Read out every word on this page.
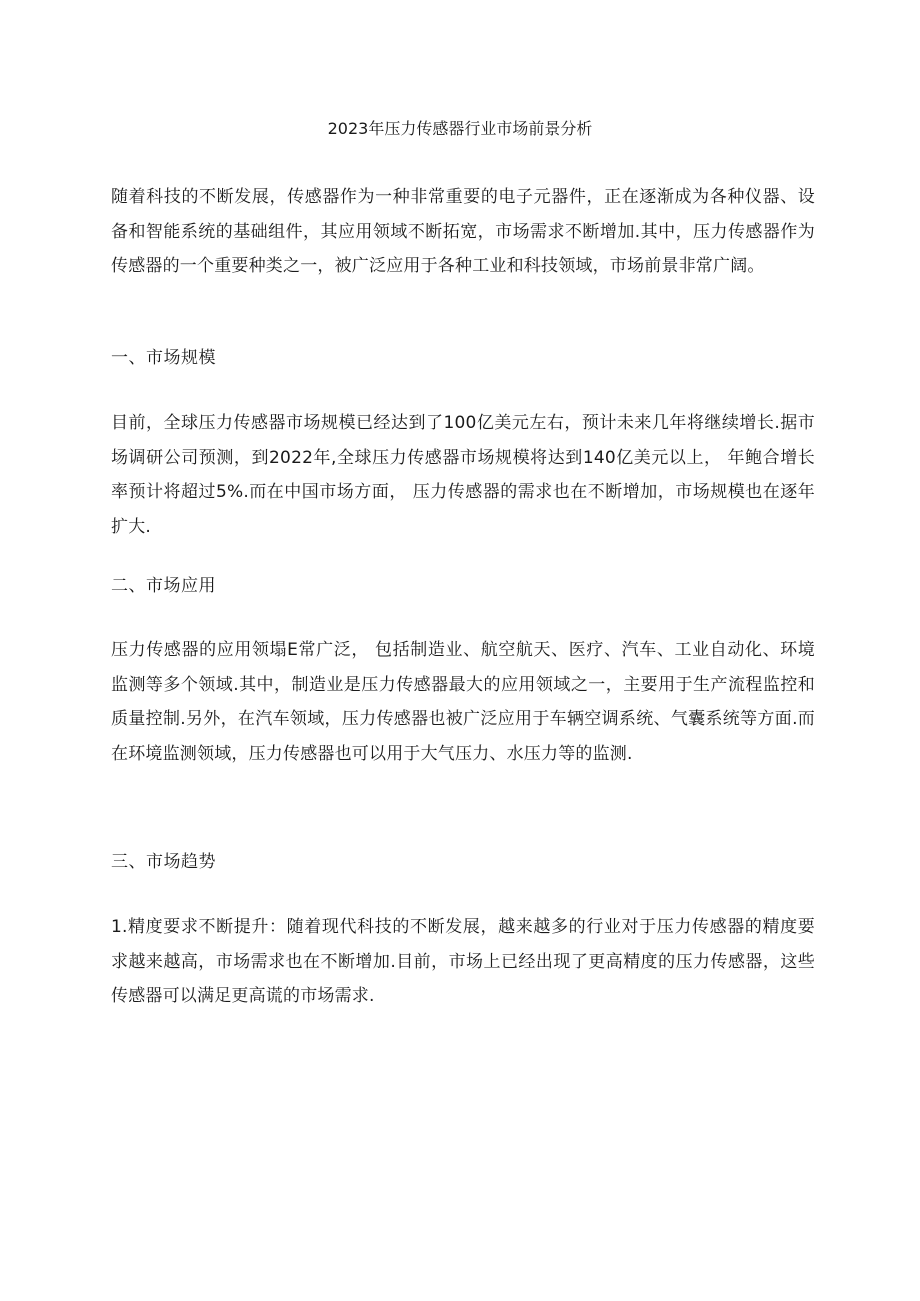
2023年压力传感器行业市场前景分析

随着科技的不断发展，传感器作为一种非常重要的电子元器件，正在逐渐成为各种仪器、设备和智能系统的基础组件，其应用领域不断拓宽，市场需求不断增加.其中，压力传感器作为传感器的一个重要种类之一，被广泛应用于各种工业和科技领域，市场前景非常广阔。

一、市场规模

目前，全球压力传感器市场规模已经达到了100亿美元左右，预计未来几年将继续增长.据市场调研公司预测，到2022年,全球压力传感器市场规模将达到140亿美元以上， 年鲍合增长率预计将超过5%.而在中国市场方面， 压力传感器的需求也在不断增加，市场规模也在逐年扩大.

二、市场应用

压力传感器的应用领塌E常广泛， 包括制造业、航空航天、医疗、汽车、工业自动化、环境监测等多个领域.其中，制造业是压力传感器最大的应用领域之一，主要用于生产流程监控和质量控制.另外，在汽车领域，压力传感器也被广泛应用于车辆空调系统、气囊系统等方面.而在环境监测领域，压力传感器也可以用于大气压力、水压力等的监测.

三、市场趋势

1.精度要求不断提升：随着现代科技的不断发展，越来越多的行业对于压力传感器的精度要求越来越高，市场需求也在不断增加.目前，市场上已经出现了更高精度的压力传感器，这些传感器可以满足更高谎的市场需求.
